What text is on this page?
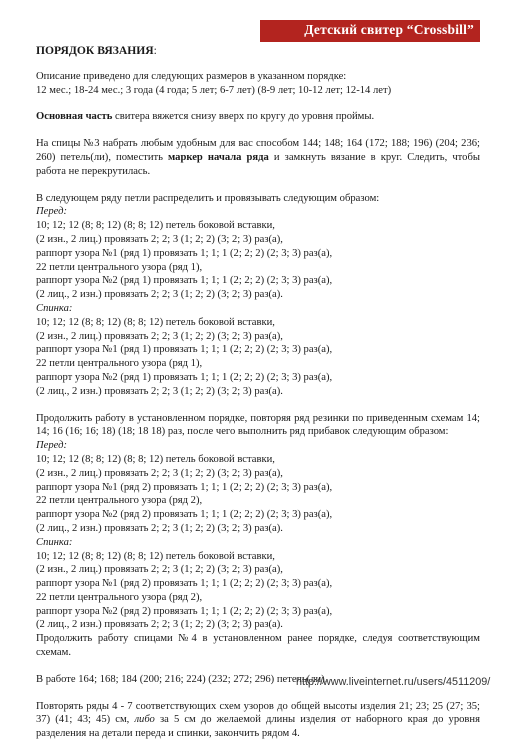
Детский свитер “Crossbill”
ПОРЯДОК ВЯЗАНИЯ:

Описание приведено для следующих размеров в указанном порядке:

12 мес.; 18-24 мес.; 3 года (4 года; 5 лет; 6-7 лет) (8-9 лет; 10-12 лет; 12-14 лет)

Основная часть свитера вяжется снизу вверх по кругу до уровня проймы.

На спицы №3 набрать любым удобным для вас способом 144; 148; 164 (172; 188; 196) (204; 236; 260) петель(ли), поместить маркер начала ряда и замкнуть вязание в круг. Следить, чтобы работа не перекрутилась.

В следующем ряду петли распределить и провязывать следующим образом:

Перед:

10; 12; 12 (8; 8; 12) (8; 8; 12) петель боковой вставки,

(2 изн., 2 лиц.) провязать 2; 2; 3 (1; 2; 2) (3; 2; 3) раз(а),

раппорт узора №1 (ряд 1) провязать 1; 1; 1 (2; 2; 2) (2; 3; 3) раз(а),

22 петли центрального узора (ряд 1),

раппорт узора №2 (ряд 1) провязать 1; 1; 1 (2; 2; 2) (2; 3; 3) раз(а),

(2 лиц., 2 изн.) провязать 2; 2; 3 (1; 2; 2) (3; 2; 3) раз(а).

Спинка:

10; 12; 12 (8; 8; 12) (8; 8; 12) петель боковой вставки,

(2 изн., 2 лиц.) провязать 2; 2; 3 (1; 2; 2) (3; 2; 3) раз(а),

раппорт узора №1 (ряд 1) провязать 1; 1; 1 (2; 2; 2) (2; 3; 3) раз(а),

22 петли центрального узора (ряд 1),

раппорт узора №2 (ряд 1) провязать 1; 1; 1 (2; 2; 2) (2; 3; 3) раз(а),

(2 лиц., 2 изн.) провязать 2; 2; 3 (1; 2; 2) (3; 2; 3) раз(а).

Продолжить работу в установленном порядке, повторяя ряд резинки по приведенным схемам 14; 14; 16 (16; 16; 18) (18; 18 18) раз, после чего выполнить ряд прибавок следующим образом:

Перед:

10; 12; 12 (8; 8; 12) (8; 8; 12) петель боковой вставки,

(2 изн., 2 лиц.) провязать 2; 2; 3 (1; 2; 2) (3; 2; 3) раз(а),

раппорт узора №1 (ряд 2) провязать 1; 1; 1 (2; 2; 2) (2; 3; 3) раз(а),

22 петли центрального узора (ряд 2),

раппорт узора №2 (ряд 2) провязать 1; 1; 1 (2; 2; 2) (2; 3; 3) раз(а),

(2 лиц., 2 изн.) провязать 2; 2; 3 (1; 2; 2) (3; 2; 3) раз(а).

Спинка:

10; 12; 12 (8; 8; 12) (8; 8; 12) петель боковой вставки,

(2 изн., 2 лиц.) провязать 2; 2; 3 (1; 2; 2) (3; 2; 3) раз(а),

раппорт узора №1 (ряд 2) провязать 1; 1; 1 (2; 2; 2) (2; 3; 3) раз(а),

22 петли центрального узора (ряд 2),

раппорт узора №2 (ряд 2) провязать 1; 1; 1 (2; 2; 2) (2; 3; 3) раз(а),

(2 лиц., 2 изн.) провязать 2; 2; 3 (1; 2; 2) (3; 2; 3) раз(а).

Продолжить работу спицами №4 в установленном ранее порядке, следуя соответствующим схемам.

В работе 164; 168; 184 (200; 216; 224) (232; 272; 296) петель(ли).

Повторять ряды 4 - 7 соответствующих схем узоров до общей высоты изделия 21; 23; 25 (27; 35; 37) (41; 43; 45) см, либо за 5 см до желаемой длины изделия от наборного края до уровня разделения на детали переда и спинки, закончить рядом 4.

http://www.liveinternet.ru/users/4511209/
